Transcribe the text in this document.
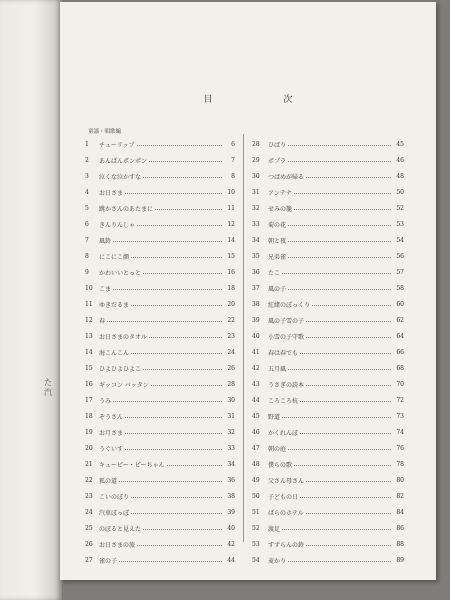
た 汽
目 次
童謡・唱歌編
1	チューリップ	6
2	あんぱんポンポン	7
3	泣くな泣かすな	8
4	お日さま	10
5	跳かさんのあたまに	11
6	きんりんしゃ	12
7	風鈴	14
8	にこにこ顔	15
9	かわいいとっと	16
10	こま	18
11	ゆきだるま	20
12	春	22
13	お日さまのタオル	23
14	海こんこん	24
15	ひよひよひよこ	26
16	ギッコン バッタン	28
17	うみ	30
18	ぞうさん	31
19	お月さま	32
20	うぐいす	33
21	キューピー・ピーちゃん	34
22	狐の道	36
23	こいのぼり	38
24	汽車ぽっぽ	39
25	のぼると見えた	40
26	お日さまの旅	42
27	雀の子	44
28	ひばり	45
29	ポプラ	46
30	つばめが帰る	48
31	アンテナ	50
32	せみの籠	52
33	菊の花	53
34	朝と夜	54
35	兄弟雀	56
36	たこ	57
37	風の子	58
38	紅緒のぽっくり	60
39	風の子雪の子	62
40	小雪の子守歌	64
41	春は春でも	66
42	五月風	68
43	うさぎの読本	70
44	ころころ杭	72
45	野道	73
46	かくれんぼ	74
47	朝の庭	76
48	僕らの歌	78
49	父さん母さん	80
50	子どもの日	82
51	ぱらのホテル	84
52	渡足	86
53	すずらんの鈴	88
54	麦かり	89
